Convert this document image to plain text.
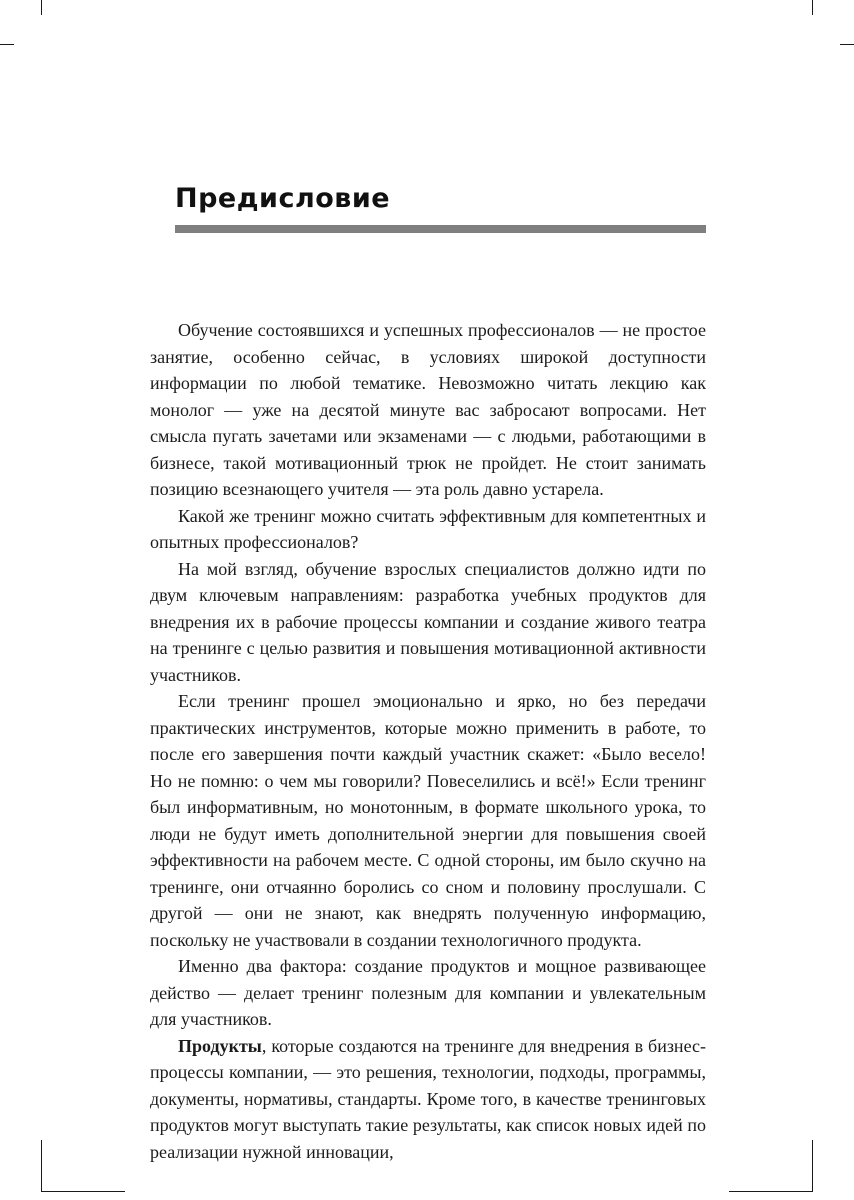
Предисловие

Обучение состоявшихся и успешных профессионалов — не простое занятие, особенно сейчас, в условиях широкой доступности информации по любой тематике. Невозможно читать лекцию как монолог — уже на десятой минуте вас забросают вопросами. Нет смысла пугать зачетами или экзаменами — с людьми, работающими в бизнесе, такой мотивационный трюк не пройдет. Не стоит занимать позицию всезнающего учителя — эта роль давно устарела.

Какой же тренинг можно считать эффективным для компетентных и опытных профессионалов?

На мой взгляд, обучение взрослых специалистов должно идти по двум ключевым направлениям: разработка учебных продуктов для внедрения их в рабочие процессы компании и создание живого театра на тренинге с целью развития и повышения мотивационной активности участников.

Если тренинг прошел эмоционально и ярко, но без передачи практических инструментов, которые можно применить в работе, то после его завершения почти каждый участник скажет: «Было весело! Но не помню: о чем мы говорили? Повеселились и всё!» Если тренинг был информативным, но монотонным, в формате школьного урока, то люди не будут иметь дополнительной энергии для повышения своей эффективности на рабочем месте. С одной стороны, им было скучно на тренинге, они отчаянно боролись со сном и половину прослушали. С другой — они не знают, как внедрять полученную информацию, поскольку не участвовали в создании технологичного продукта.

Именно два фактора: создание продуктов и мощное развивающее действо — делает тренинг полезным для компании и увлекательным для участников.

Продукты, которые создаются на тренинге для внедрения в бизнес-процессы компании, — это решения, технологии, подходы, программы, документы, нормативы, стандарты. Кроме того, в качестве тренинговых продуктов могут выступать такие результаты, как список новых идей по реализации нужной инновации,
